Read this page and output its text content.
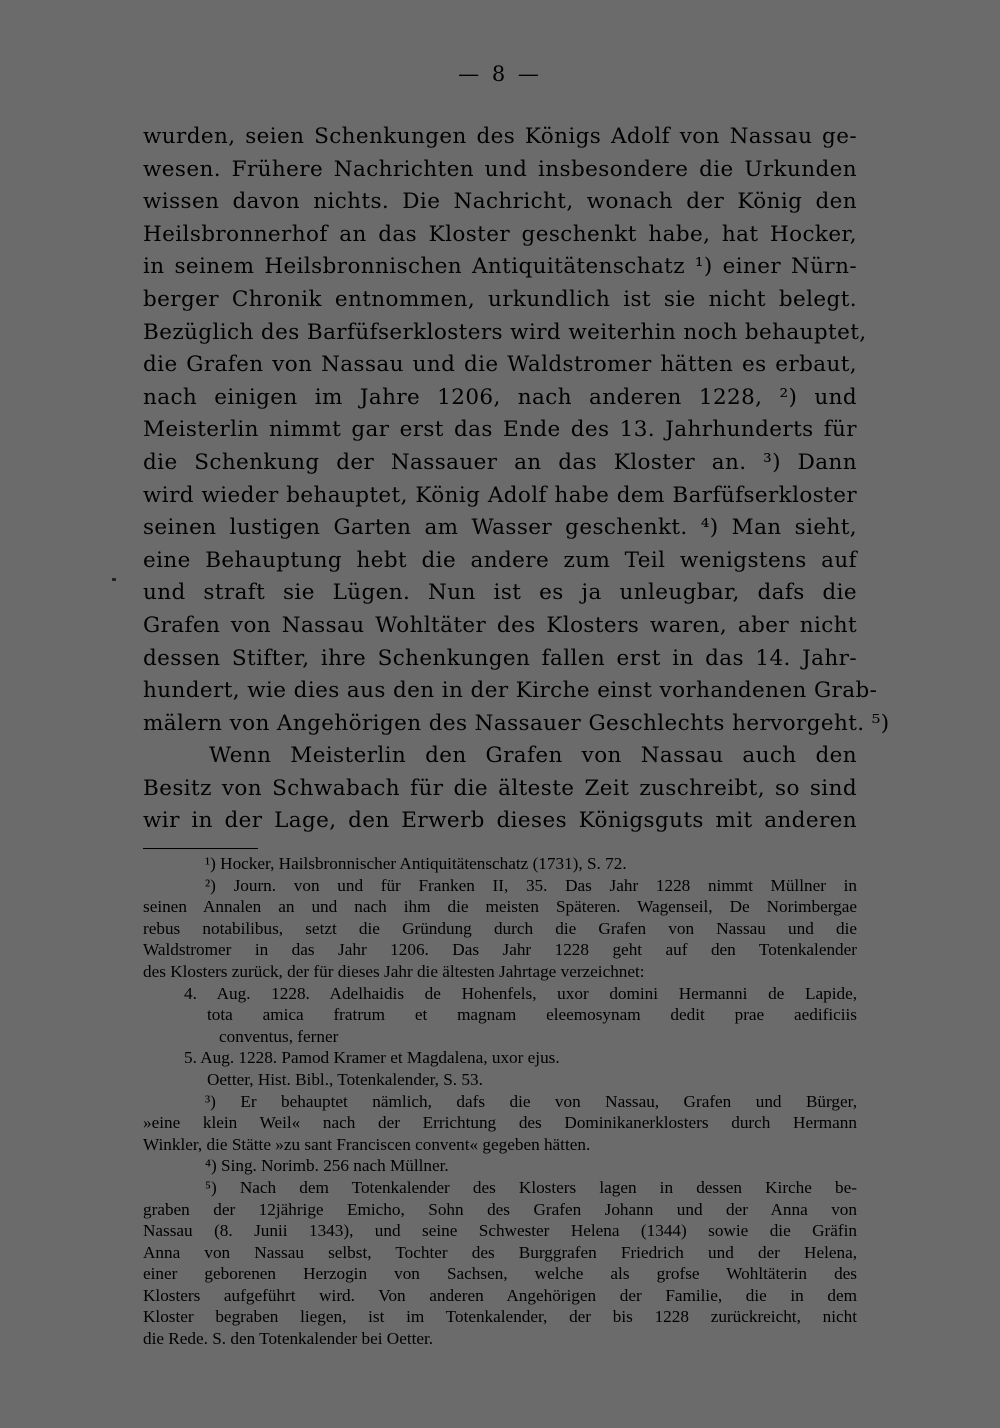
— 8 —
wurden, seien Schenkungen des Königs Adolf von Nassau ge-
wesen. Frühere Nachrichten und insbesondere die Urkunden
wissen davon nichts. Die Nachricht, wonach der König den
Heilsbronnerhof an das Kloster geschenkt habe, hat Hocker,
in seinem Heilsbronnischen Antiquitätenschatz ¹) einer Nürn-
berger Chronik entnommen, urkundlich ist sie nicht belegt.
Bezüglich des Barfüfserklosters wird weiterhin noch behauptet,
die Grafen von Nassau und die Waldstromer hätten es erbaut,
nach einigen im Jahre 1206, nach anderen 1228, ²) und
Meisterlin nimmt gar erst das Ende des 13. Jahrhunderts für
die Schenkung der Nassauer an das Kloster an. ³) Dann
wird wieder behauptet, König Adolf habe dem Barfüfserkloster
seinen lustigen Garten am Wasser geschenkt. ⁴) Man sieht,
eine Behauptung hebt die andere zum Teil wenigstens auf
und straft sie Lügen. Nun ist es ja unleugbar, dafs die
Grafen von Nassau Wohltäter des Klosters waren, aber nicht
dessen Stifter, ihre Schenkungen fallen erst in das 14. Jahr-
hundert, wie dies aus den in der Kirche einst vorhandenen Grab-
mälern von Angehörigen des Nassauer Geschlechts hervorgeht. ⁵)
Wenn Meisterlin den Grafen von Nassau auch den
Besitz von Schwabach für die älteste Zeit zuschreibt, so sind
wir in der Lage, den Erwerb dieses Königsguts mit anderen
¹) Hocker, Hailsbronnischer Antiquitätenschatz (1731), S. 72.
²) Journ. von und für Franken II, 35. Das Jahr 1228 nimmt Müllner in
seinen Annalen an und nach ihm die meisten Späteren. Wagenseil, De Norimbergae
rebus notabilibus, setzt die Gründung durch die Grafen von Nassau und die
Waldstromer in das Jahr 1206. Das Jahr 1228 geht auf den Totenkalender
des Klosters zurück, der für dieses Jahr die ältesten Jahrtage verzeichnet:
4. Aug. 1228. Adelhaidis de Hohenfels, uxor domini Hermanni de Lapide,
tota amica fratrum et magnam eleemosynam dedit prae aedificiis
conventus, ferner
5. Aug. 1228. Pamod Kramer et Magdalena, uxor ejus.
Oetter, Hist. Bibl., Totenkalender, S. 53.
³) Er behauptet nämlich, dafs die von Nassau, Grafen und Bürger,
»eine klein Weil« nach der Errichtung des Dominikanerklosters durch Hermann
Winkler, die Stätte »zu sant Franciscen convent« gegeben hätten.
⁴) Sing. Norimb. 256 nach Müllner.
⁵) Nach dem Totenkalender des Klosters lagen in dessen Kirche be-
graben der 12jährige Emicho, Sohn des Grafen Johann und der Anna von
Nassau (8. Junii 1343), und seine Schwester Helena (1344) sowie die Gräfin
Anna von Nassau selbst, Tochter des Burggrafen Friedrich und der Helena,
einer geborenen Herzogin von Sachsen, welche als grofse Wohltäterin des
Klosters aufgeführt wird. Von anderen Angehörigen der Familie, die in dem
Kloster begraben liegen, ist im Totenkalender, der bis 1228 zurückreicht, nicht
die Rede. S. den Totenkalender bei Oetter.
